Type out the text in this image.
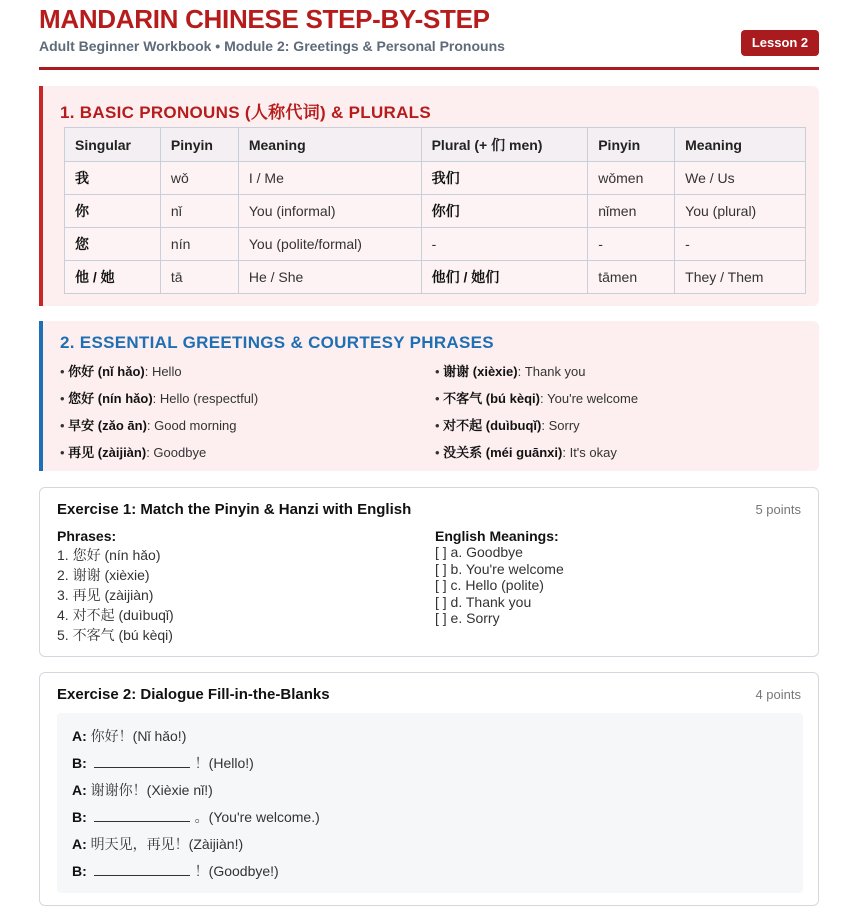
MANDARIN CHINESE STEP-BY-STEP
Adult Beginner Workbook • Module 2: Greetings & Personal Pronouns	Lesson 2
1. BASIC PRONOUNS (人称代词) & PLURALS
Singular	Pinyin	Meaning	Plural (+ 们 men)	Pinyin	Meaning
我	wǒ	I / Me	我们	wǒmen	We / Us
你	nǐ	You (informal)	你们	nǐmen	You (plural)
您	nín	You (polite/formal)	-	-	-
他 / 她	tā	He / She	他们 / 她们	tāmen	They / Them
2. ESSENTIAL GREETINGS & COURTESY PHRASES
• 你好 (nǐ hǎo): Hello
• 您好 (nín hǎo): Hello (respectful)
• 早安 (zǎo ān): Good morning
• 再见 (zàijiàn): Goodbye
• 谢谢 (xièxie): Thank you
• 不客气 (bú kèqi): You're welcome
• 对不起 (duìbuqǐ): Sorry
• 没关系 (méi guānxi): It's okay
Exercise 1: Match the Pinyin & Hanzi with English	5 points
Phrases:
1. 您好 (nín hǎo)
2. 谢谢 (xièxie)
3. 再见 (zàijiàn)
4. 对不起 (duìbuqǐ)
5. 不客气 (bú kèqi)
English Meanings:
[ ] a. Goodbye
[ ] b. You're welcome
[ ] c. Hello (polite)
[ ] d. Thank you
[ ] e. Sorry
Exercise 2: Dialogue Fill-in-the-Blanks	4 points
A: 你好！(Nǐ hǎo!)
B:	！(Hello!)
A: 谢谢你！(Xièxie nǐ!)
B:	。(You're welcome.)
A: 明天见，再见！(Zàijiàn!)
B:	！(Goodbye!)
